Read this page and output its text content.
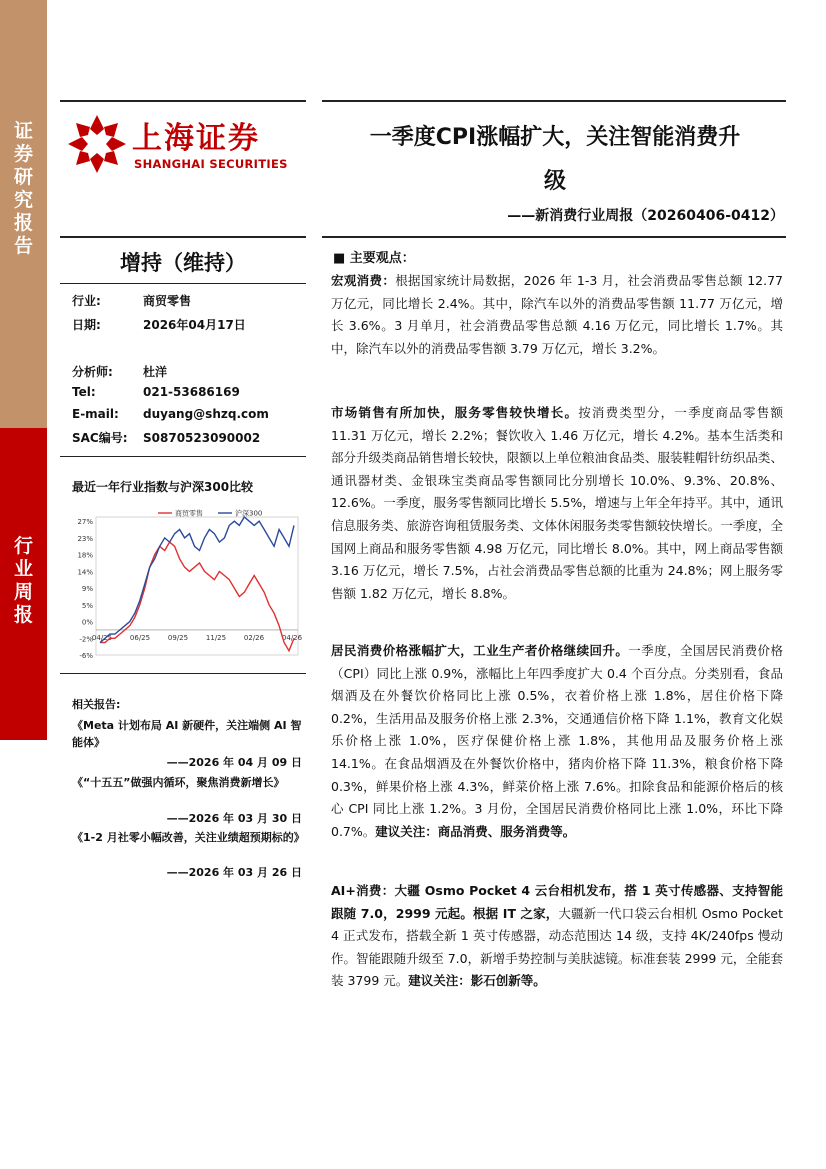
证券研究报告
行业周报
上海证券
SHANGHAI SECURITIES
一季度CPI涨幅扩大，关注智能消费升
级
——新消费行业周报（20260406-0412）
增持（维持）
行业:	商贸零售
日期:	2026年04月17日
分析师:	杜洋
Tel:	021-53686169
E-mail: duyang@shzq.com
SAC编号: S0870523090002
最近一年行业指数与沪深300比较
27%
23%
18%
14%
9%
5%
0%
-2%
-6%
04/25	06/25	09/25	11/25	02/26	04/26
商贸零售	沪深300
相关报告:
《Meta 计划布局 AI 新硬件，关注端侧 AI 智能体》
——2026 年 04 月 09 日
《“十五五”做强内循环，聚焦消费新增长》
——2026 年 03 月 30 日
《1-2 月社零小幅改善，关注业绩超预期标的》
——2026 年 03 月 26 日
■ 主要观点：
宏观消费：根据国家统计局数据，2026 年 1-3 月，社会消费品零售总额 12.77 万亿元，同比增长 2.4%。其中，除汽车以外的消费品零售额 11.77 万亿元，增长 3.6%。3 月单月，社会消费品零售总额 4.16 万亿元，同比增长 1.7%。其中，除汽车以外的消费品零售额 3.79 万亿元，增长 3.2%。
市场销售有所加快，服务零售较快增长。按消费类型分，一季度商品零售额 11.31 万亿元，增长 2.2%；餐饮收入 1.46 万亿元，增长 4.2%。基本生活类和部分升级类商品销售增长较快，限额以上单位粮油食品类、服装鞋帽针纺织品类、通讯器材类、金银珠宝类商品零售额同比分别增长 10.0%、9.3%、20.8%、12.6%。一季度，服务零售额同比增长 5.5%，增速与上年全年持平。其中，通讯信息服务类、旅游咨询租赁服务类、文体休闲服务类零售额较快增长。一季度，全国网上商品和服务零售额 4.98 万亿元，同比增长 8.0%。其中，网上商品零售额 3.16 万亿元，增长 7.5%，占社会消费品零售总额的比重为 24.8%；网上服务零售额 1.82 万亿元，增长 8.8%。
居民消费价格涨幅扩大，工业生产者价格继续回升。一季度，全国居民消费价格（CPI）同比上涨 0.9%，涨幅比上年四季度扩大 0.4 个百分点。分类别看，食品烟酒及在外餐饮价格同比上涨 0.5%，衣着价格上涨 1.8%，居住价格下降 0.2%，生活用品及服务价格上涨 2.3%，交通通信价格下降 1.1%，教育文化娱乐价格上涨 1.0%，医疗保健价格上涨 1.8%，其他用品及服务价格上涨 14.1%。在食品烟酒及在外餐饮价格中，猪肉价格下降 11.3%，粮食价格下降 0.3%，鲜果价格上涨 4.3%，鲜菜价格上涨 7.6%。扣除食品和能源价格后的核心 CPI 同比上涨 1.2%。3 月份，全国居民消费价格同比上涨 1.0%，环比下降 0.7%。建议关注：商品消费、服务消费等。
AI+消费：大疆 Osmo Pocket 4 云台相机发布，搭 1 英寸传感器、支持智能跟随 7.0，2999 元起。根据 IT 之家，大疆新一代口袋云台相机 Osmo Pocket 4 正式发布，搭载全新 1 英寸传感器，动态范围达 14 级，支持 4K/240fps 慢动作。智能跟随升级至 7.0，新增手势控制与美肤滤镜。标准套装 2999 元，全能套装 3799 元。建议关注：影石创新等。
